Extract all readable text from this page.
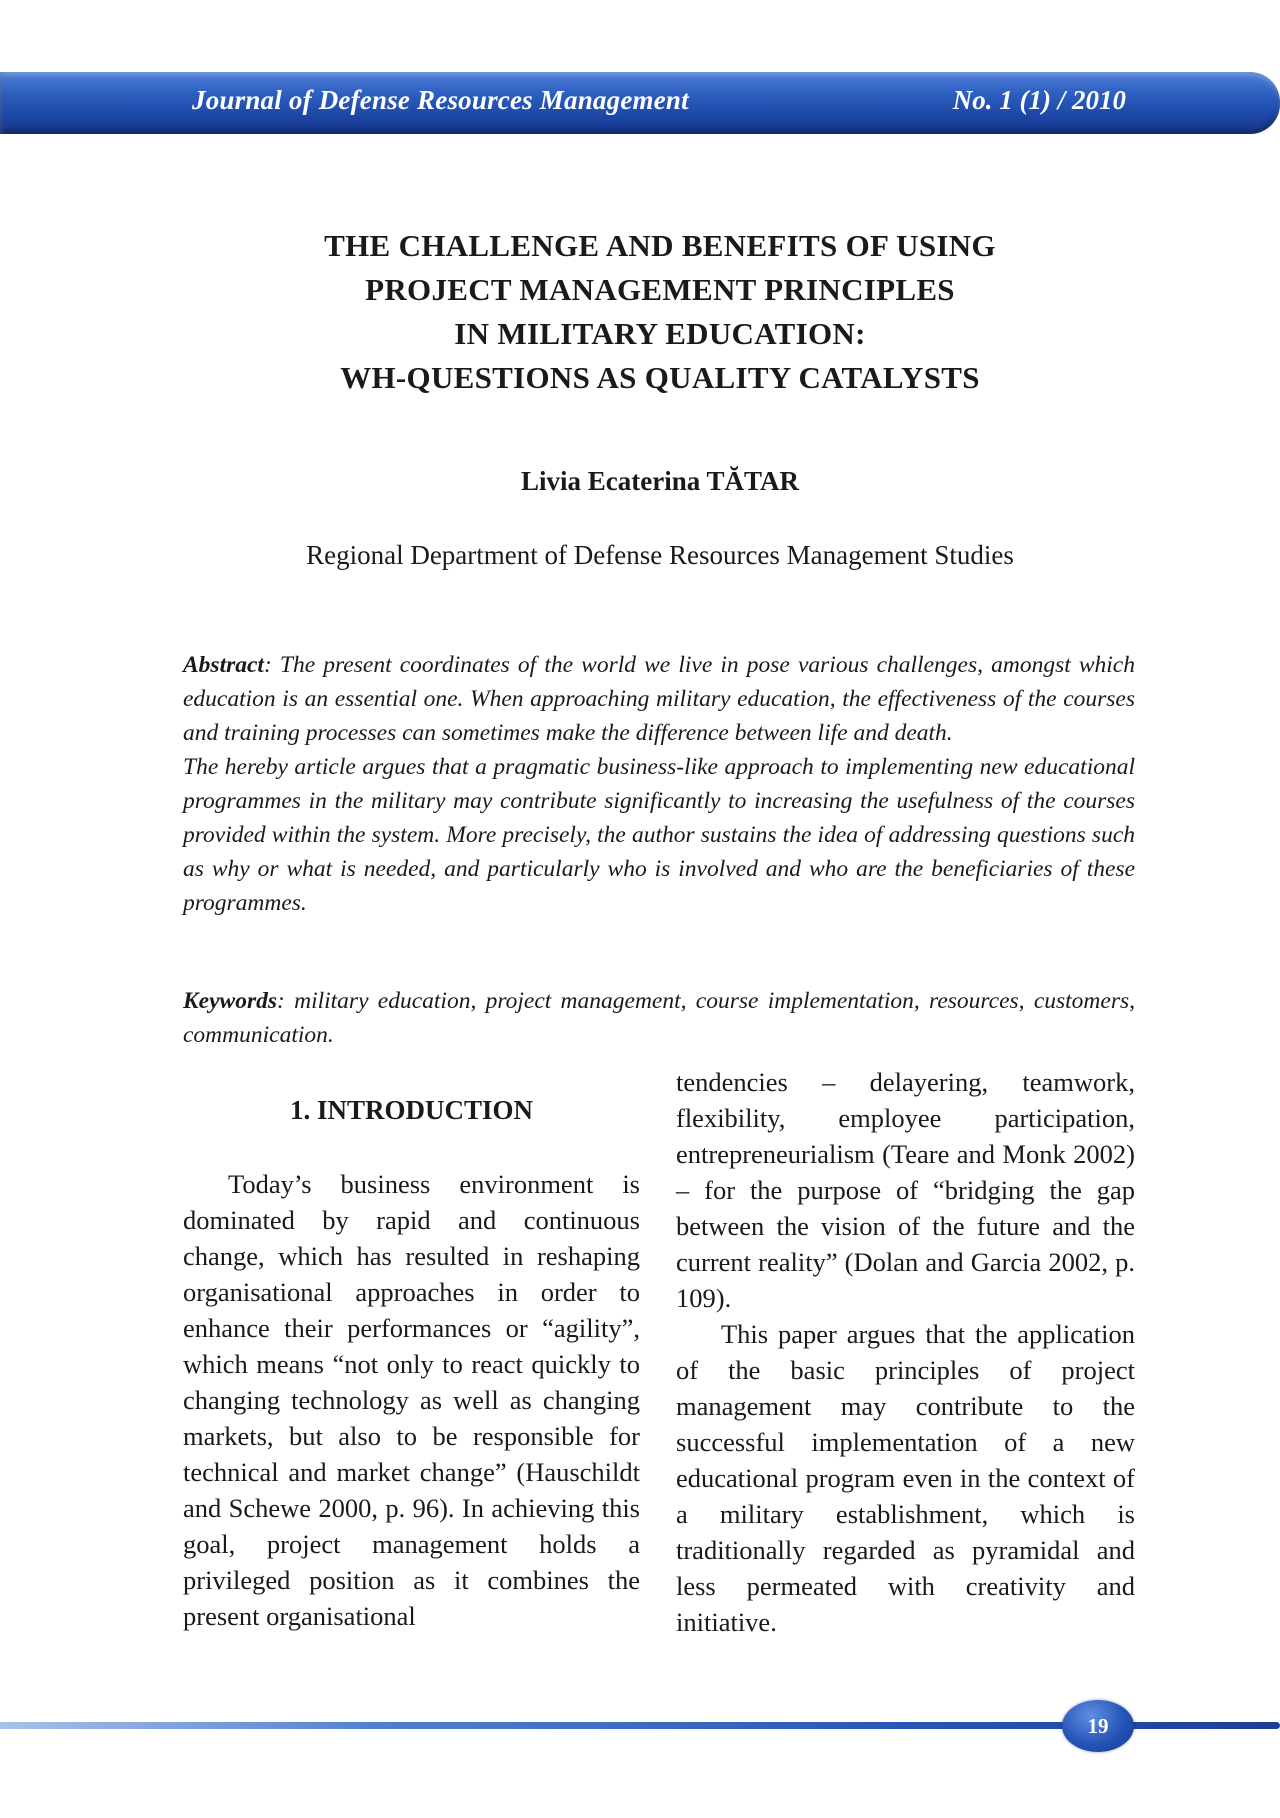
Journal of Defense Resources Management	No. 1 (1) / 2010
THE CHALLENGE AND BENEFITS OF USING
PROJECT MANAGEMENT PRINCIPLES
IN MILITARY EDUCATION:
WH-QUESTIONS AS QUALITY CATALYSTS
Livia Ecaterina TĂTAR
Regional Department of Defense Resources Management Studies

Abstract: The present coordinates of the world we live in pose various challenges, amongst which education is an essential one. When approaching military education, the effectiveness of the courses and training processes can sometimes make the difference between life and death.

The hereby article argues that a pragmatic business-like approach to implementing new educational programmes in the military may contribute significantly to increasing the usefulness of the courses provided within the system. More precisely, the author sustains the idea of addressing questions such as why or what is needed, and particularly who is involved and who are the beneficiaries of these programmes.

Keywords: military education, project management, course implementation, resources, customers, communication.
1. INTRODUCTION

Today’s business environment is dominated by rapid and continuous change, which has resulted in reshaping organisational approaches in order to enhance their performances or “agility”, which means “not only to react quickly to changing technology as well as changing markets, but also to be responsible for technical and market change” (Hauschildt and Schewe 2000, p. 96). In achieving this goal, project management holds a privileged position as it combines the present organisational

tendencies – delayering, teamwork, flexibility, employee participation, entrepreneurialism (Teare and Monk 2002) – for the purpose of “bridging the gap between the vision of the future and the current reality” (Dolan and Garcia 2002, p. 109).

This paper argues that the application of the basic principles of project management may contribute to the successful implementation of a new educational program even in the context of a military establishment, which is traditionally regarded as pyramidal and less permeated with creativity and initiative.

19
